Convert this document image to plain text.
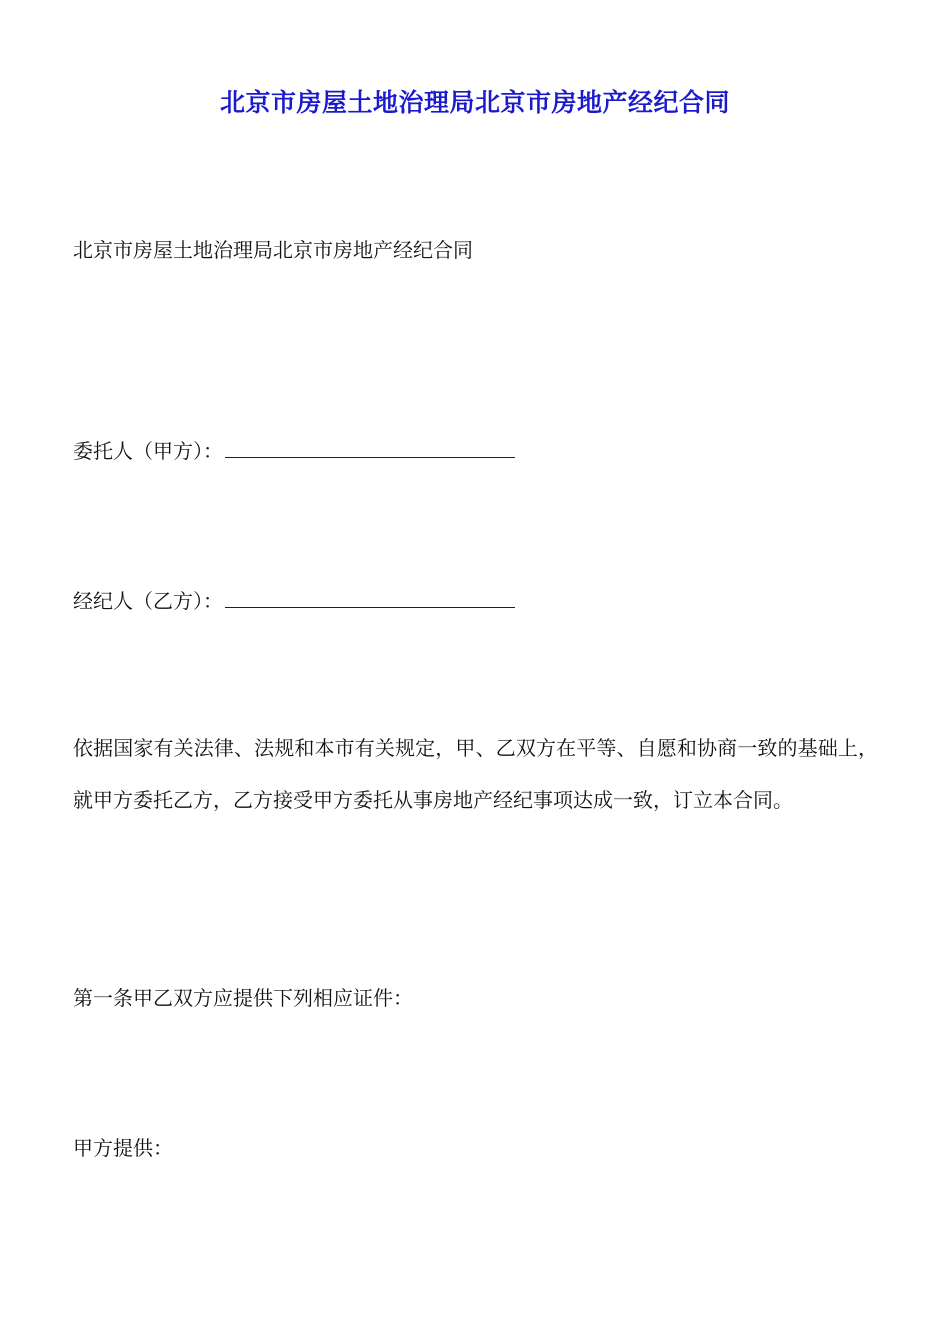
北京市房屋土地治理局北京市房地产经纪合同
北京市房屋土地治理局北京市房地产经纪合同
委托人（甲方）：
经纪人（乙方）：
依据国家有关法律、法规和本市有关规定，甲、乙双方在平等、自愿和协商一致的基础上，就甲方委托乙方，乙方接受甲方委托从事房地产经纪事项达成一致，订立本合同。
第一条甲乙双方应提供下列相应证件：
甲方提供：
